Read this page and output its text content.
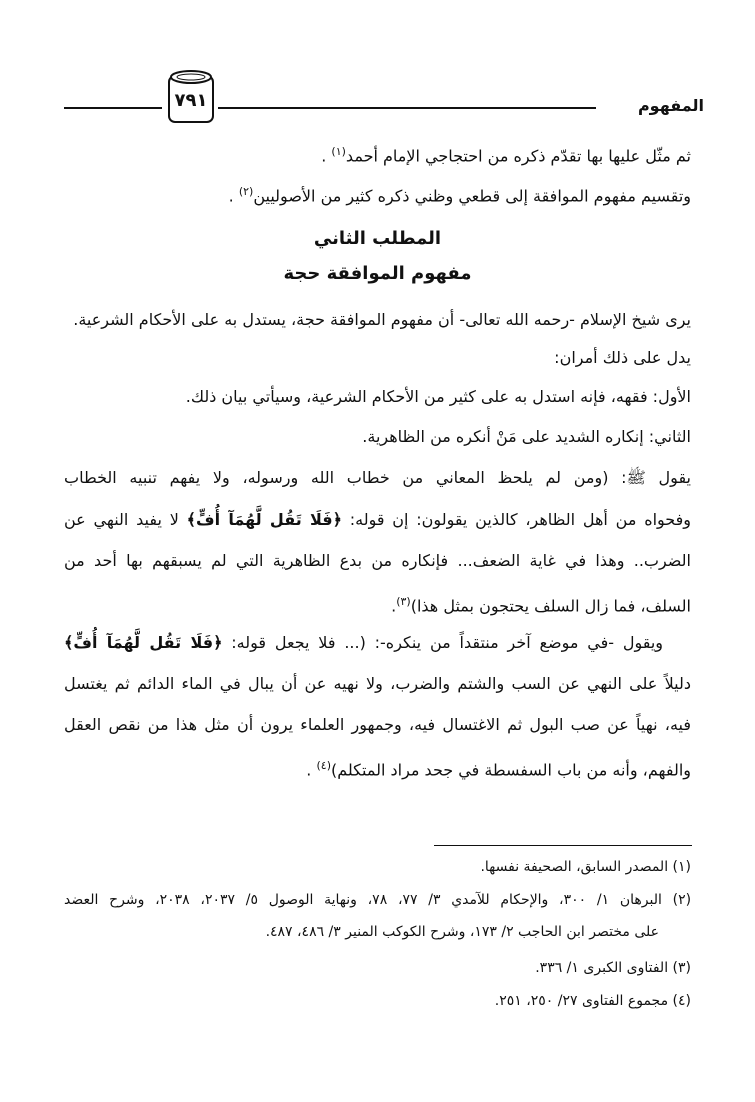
٧٩١	المفهوم
ثم مثّل عليها بها تقدّم ذكره من احتجاجي الإمام أحمد$^{(١)}$ .
وتقسيم مفهوم الموافقة إلى قطعي وظني ذكره كثير من الأصوليين$^{(٢)}$ .
المطلب الثاني
مفهوم الموافقة حجة
يرى شيخ الإسلام -رحمه الله تعالى- أن مفهوم الموافقة حجة، يستدل به على الأحكام الشرعية.
يدل على ذلك أمران:
الأول: فقهه، فإنه استدل به على كثير من الأحكام الشرعية، وسيأتي بيان ذلك.
الثاني: إنكاره الشديد على مَنْ أنكره من الظاهرية.
يقول ﷺ: (ومن لم يلحظ المعاني من خطاب الله ورسوله، ولا يفهم تنبيه الخطاب
وفحواه من أهل الظاهر، كالذين يقولون: إن قوله: ﴿فَلَا تَقُل لَّهُمَآ أُفٍّ﴾ لا يفيد النهي عن
الضرب.. وهذا في غاية الضعف... فإنكاره من بدع الظاهرية التي لم يسبقهم بها أحد من
السلف، فما زال السلف يحتجون بمثل هذا)$^{(٣)}$.
ويقول -في موضع آخر منتقداً من ينكره-: (... فلا يجعل قوله: ﴿فَلَا تَقُل لَّهُمَآ أُفٍّ﴾
دليلاً على النهي عن السب والشتم والضرب، ولا نهيه عن أن يبال في الماء الدائم ثم يغتسل
فيه، نهياً عن صب البول ثم الاغتسال فيه، وجمهور العلماء يرون أن مثل هذا من نقص العقل
والفهم، وأنه من باب السفسطة في جحد مراد المتكلم)$^{(٤)}$ .
(١) المصدر السابق، الصحيفة نفسها.
(٢) البرهان ١/ ٣٠٠، والإحكام للآمدي ٣/ ٧٧، ٧٨، ونهاية الوصول ٥/ ٢٠٣٧، ٢٠٣٨، وشرح العضد
على مختصر ابن الحاجب ٢/ ١٧٣، وشرح الكوكب المنير ٣/ ٤٨٦، ٤٨٧.
(٣) الفتاوى الكبرى ١/ ٣٣٦.
(٤) مجموع الفتاوى ٢٧/ ٢٥٠، ٢٥١.
